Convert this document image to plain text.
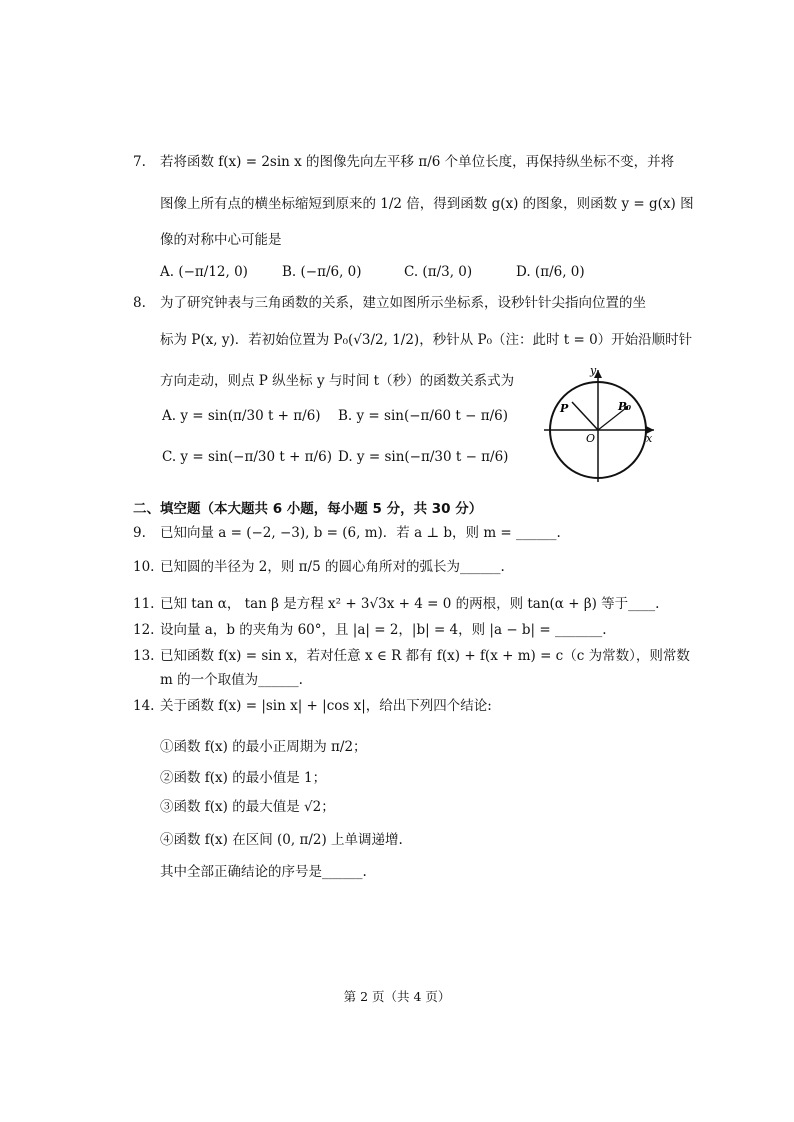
7. 若将函数 f(x) = 2sin x 的图像先向左平移 π/6 个单位长度，再保持纵坐标不变，并将
图像上所有点的横坐标缩短到原来的 1/2 倍，得到函数 g(x) 的图象，则函数 y = g(x) 图
像的对称中心可能是
A. (−π/12, 0)	B. (−π/6, 0)	C. (π/3, 0)	D. (π/6, 0)
8. 为了研究钟表与三角函数的关系，建立如图所示坐标系，设秒针针尖指向位置的坐
标为 P(x, y)．若初始位置为 P₀(√3/2, 1/2)，秒针从 P₀（注：此时 t = 0）开始沿顺时针
方向走动，则点 P 纵坐标 y 与时间 t（秒）的函数关系式为
A. y = sin(π/30 t + π/6) B. y = sin(−π/60 t − π/6)
C. y = sin(−π/30 t + π/6) D. y = sin(−π/30 t − π/6)
y
x
O
P	P₀
二、填空题（本大题共 6 小题，每小题 5 分，共 30 分）
9. 已知向量 a = (−2, −3), b = (6, m)．若 a ⊥ b，则 m = ______.
10. 已知圆的半径为 2，则 π/5 的圆心角所对的弧长为______.
11. 已知 tan α， tan β 是方程 x² + 3√3x + 4 = 0 的两根，则 tan(α + β) 等于____.
12. 设向量 a，b 的夹角为 60°，且 |a| = 2，|b| = 4，则 |a − b| = _______.
13. 已知函数 f(x) = sin x，若对任意 x ∈ R 都有 f(x) + f(x + m) = c（c 为常数），则常数
m 的一个取值为______.
14. 关于函数 f(x) = |sin x| + |cos x|，给出下列四个结论:
①函数 f(x) 的最小正周期为 π/2；
②函数 f(x) 的最小值是 1；
③函数 f(x) 的最大值是 √2；
④函数 f(x) 在区间 (0, π/2) 上单调递增.
其中全部正确结论的序号是______.
第 2 页（共 4 页）
